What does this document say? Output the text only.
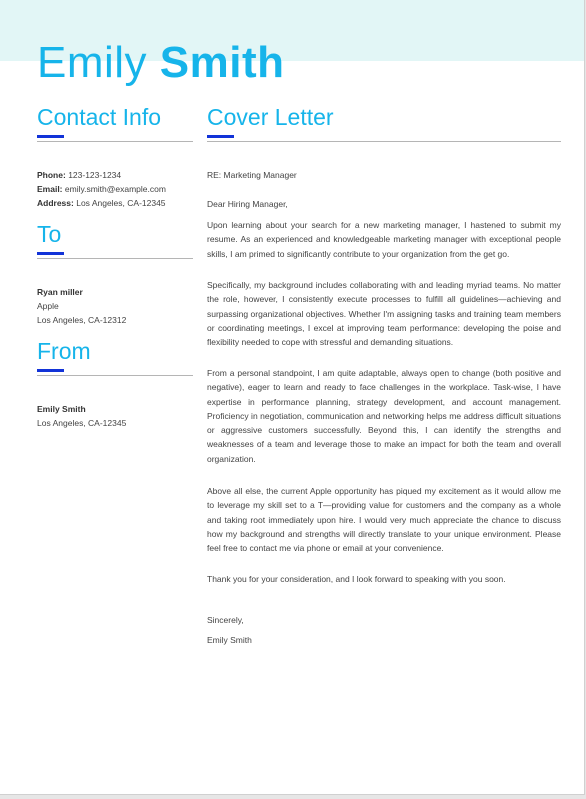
Emily Smith
Contact Info
Phone: 123-123-1234
Email: emily.smith@example.com
Address: Los Angeles, CA-12345
To
Ryan miller
Apple
Los Angeles, CA-12312
From
Emily Smith
Los Angeles, CA-12345
Cover Letter
RE: Marketing Manager
Dear Hiring Manager,

Upon learning about your search for a new marketing manager, I hastened to submit my resume. As an experienced and knowledgeable marketing manager with exceptional people skills, I am primed to significantly contribute to your organization from the get go.

Specifically, my background includes collaborating with and leading myriad teams. No matter the role, however, I consistently execute processes to fulfill all guidelines—achieving and surpassing organizational objectives. Whether I'm assigning tasks and training team members or coordinating meetings, I excel at improving team performance: developing the poise and flexibility needed to cope with stressful and demanding situations.

From a personal standpoint, I am quite adaptable, always open to change (both positive and negative), eager to learn and ready to face challenges in the workplace. Task-wise, I have expertise in performance planning, strategy development, and account management. Proficiency in negotiation, communication and networking helps me address difficult situations or aggressive customers successfully. Beyond this, I can identify the strengths and weaknesses of a team and leverage those to make an impact for both the team and overall organization.

Above all else, the current Apple opportunity has piqued my excitement as it would allow me to leverage my skill set to a T—providing value for customers and the company as a whole and taking root immediately upon hire. I would very much appreciate the chance to discuss how my background and strengths will directly translate to your unique environment. Please feel free to contact me via phone or email at your convenience.

Thank you for your consideration, and I look forward to speaking with you soon.

Sincerely,
Emily Smith
